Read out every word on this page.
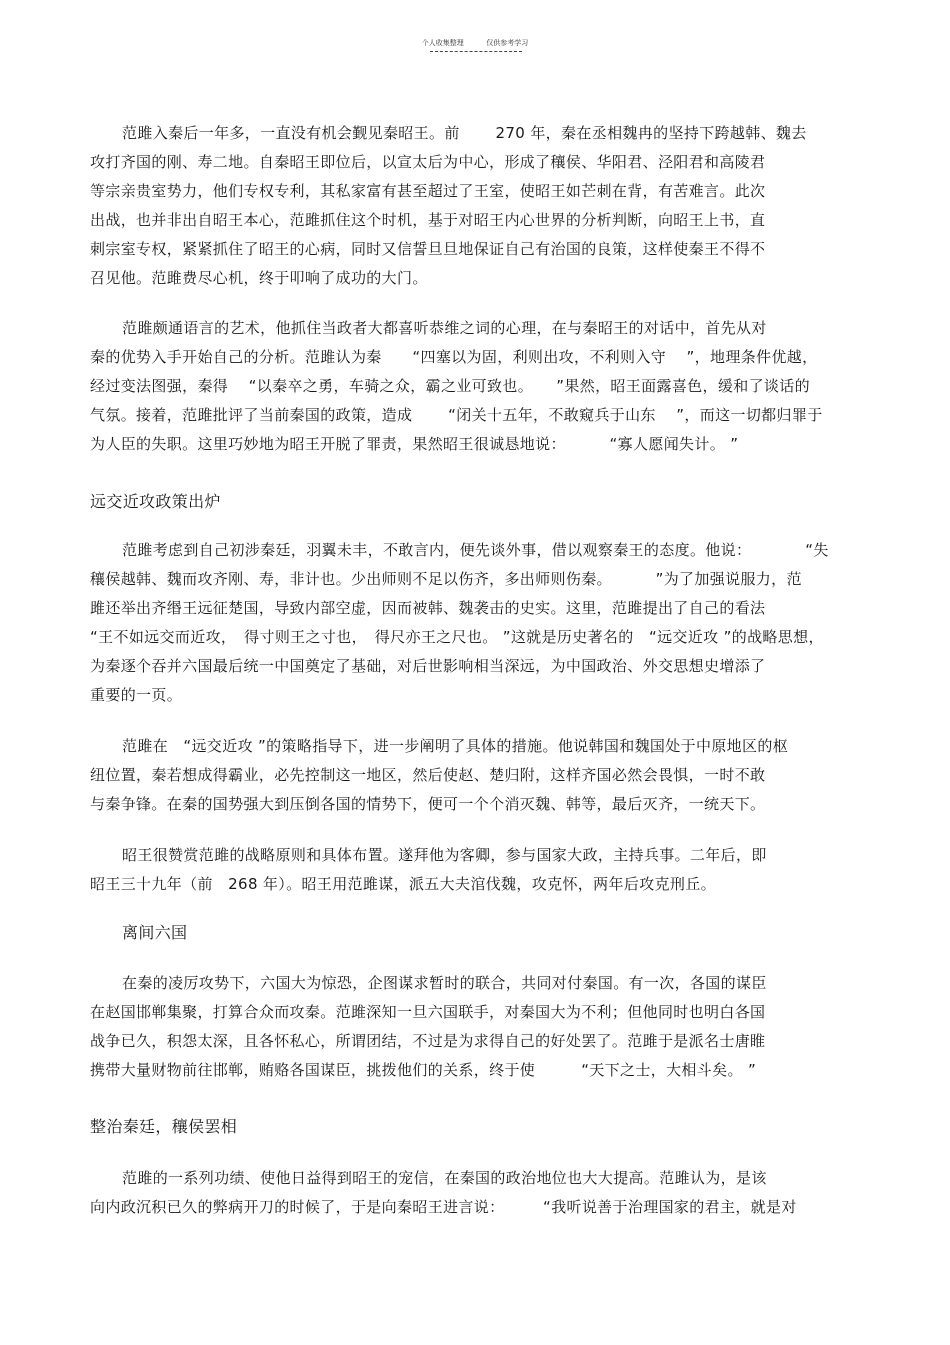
个人收集整理	仅供参考学习
范雎入秦后一年多，一直没有机会觐见秦昭王。前　　 270 年，秦在丞相魏冉的坚持下跨越韩、魏去
攻打齐国的刚、寿二地。自秦昭王即位后，以宣太后为中心，形成了穰侯、华阳君、泾阳君和高陵君
等宗亲贵室势力，他们专权专利，其私家富有甚至超过了王室，使昭王如芒刺在背，有苦难言。此次
出战，也并非出自昭王本心，范雎抓住这个时机，基于对昭王内心世界的分析判断，向昭王上书，直
刺宗室专权，紧紧抓住了昭王的心病，同时又信誓旦旦地保证自己有治国的良策，这样使秦王不得不
召见他。范雎费尽心机，终于叩响了成功的大门。
范雎颇通语言的艺术，他抓住当政者大都喜听恭维之词的心理，在与秦昭王的对话中，首先从对
秦的优势入手开始自己的分析。范雎认为秦　　“四塞以为固，利则出攻，不利则入守　 ”，地理条件优越，
经过变法图强，秦得　 “以秦卒之勇，车骑之众，霸之业可致也。　　”果然，昭王面露喜色，缓和了谈话的
气氛。接着，范雎批评了当前秦国的政策，造成　　 “闭关十五年，不敢窥兵于山东　 ”，而这一切都归罪于
为人臣的失职。这里巧妙地为昭王开脱了罪责，果然昭王很诚恳地说：　　　 “寡人愿闻失计。 ”
远交近攻政策出炉
范雎考虑到自己初涉秦廷，羽翼未丰，不敢言内，便先谈外事，借以观察秦王的态度。他说：　　　　“失
穰侯越韩、魏而攻齐刚、寿，非计也。少出师则不足以伤齐，多出师则伤秦。　　　 ”为了加强说服力，范
雎还举出齐缗王远征楚国，导致内部空虚，因而被韩、魏袭击的史实。这里，范雎提出了自己的看法
“王不如远交而近攻，　得寸则王之寸也，　得尺亦王之尺也。 ”这就是历史著名的　“远交近攻 ”的战略思想，
为秦逐个吞并六国最后统一中国奠定了基础，对后世影响相当深远，为中国政治、外交思想史增添了
重要的一页。
范雎在　“远交近攻 ”的策略指导下，进一步阐明了具体的措施。他说韩国和魏国处于中原地区的枢
纽位置，秦若想成得霸业，必先控制这一地区，然后使赵、楚归附，这样齐国必然会畏惧，一时不敢
与秦争锋。在秦的国势强大到压倒各国的情势下，便可一个个消灭魏、韩等，最后灭齐，一统天下。
昭王很赞赏范雎的战略原则和具体布置。遂拜他为客卿，参与国家大政，主持兵事。二年后，即
昭王三十九年（前　268 年）。昭王用范雎谋，派五大夫涫伐魏，攻克怀，两年后攻克刑丘。
离间六国
在秦的凌厉攻势下，六国大为惊恐，企图谋求暂时的联合，共同对付秦国。有一次，各国的谋臣
在赵国邯郸集聚，打算合众而攻秦。范雎深知一旦六国联手，对秦国大为不利；但他同时也明白各国
战争已久，积怨太深，且各怀私心，所谓团结，不过是为求得自己的好处罢了。范雎于是派名士唐睢
携带大量财物前往邯郸，贿赂各国谋臣，挑拨他们的关系，终于使　　　“天下之士，大相斗矣。 ”
整治秦廷，穰侯罢相
范雎的一系列功绩、使他日益得到昭王的宠信，在秦国的政治地位也大大提高。范雎认为，是该
向内政沉积已久的弊病开刀的时候了，于是向秦昭王进言说：　　　“我听说善于治理国家的君主，就是对
